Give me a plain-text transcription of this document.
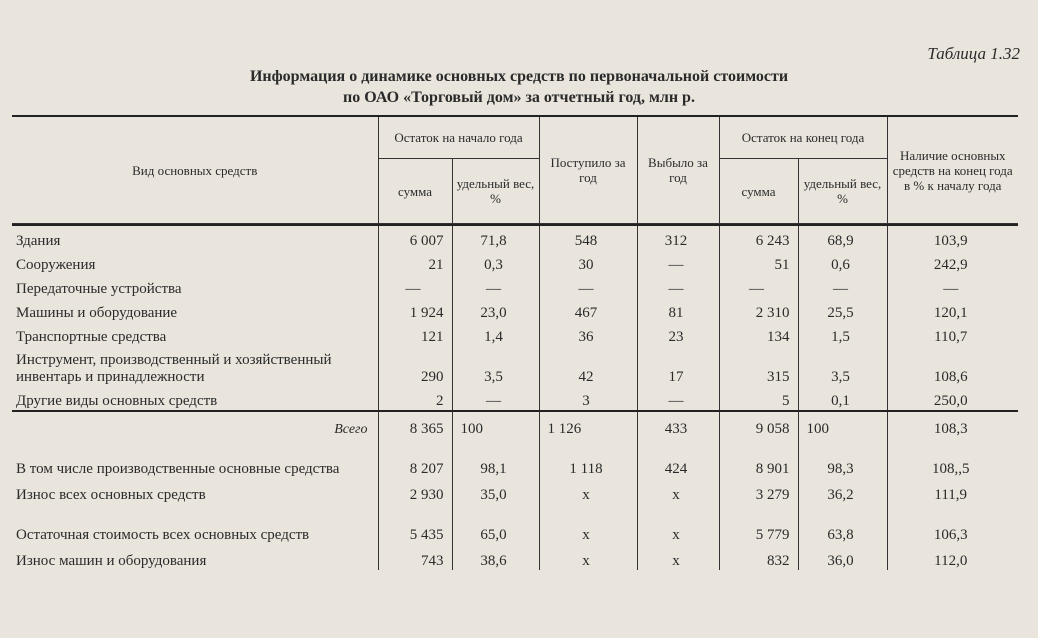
Таблица 1.32
Информация о динамике основных средств по первоначальной стоимости
по ОАО «Торговый дом» за отчетный год, млн р.
Вид основных средств	Остаток на начало года		Поступило за год	Выбыло за год	Остаток на конец года		Наличие основных средств на конец года в % к началу года
	сумма	удельный вес, %			сумма	удельный вес, %	

Здания	6 007	71,8	548	312	6 243	68,9	103,9
Сооружения	21	0,3	30	—	51	0,6	242,9
Передаточные устройства	—	—	—	—	—	—	—
Машины и оборудование	1 924	23,0	467	81	2 310	25,5	120,1
Транспортные средства	121	1,4	36	23	134	1,5	110,7
Инструмент, производственный и хозяйственный инвентарь и принадлежности	290	3,5	42	17	315	3,5	108,6
Другие виды основных средств	2	—	3	—	5	0,1	250,0
Всего	8 365	100	1 126	433	9 058	100	108,3
В том числе производственные основные средства	8 207	98,1	1 118	424	8 901	98,3	108,,5
Износ всех основных средств	2 930	35,0	x	x	3 279	36,2	111,9
Остаточная стоимость всех основных средств	5 435	65,0	x	x	5 779	63,8	106,3
Износ машин и оборудования	743	38,6	x	x	832	36,0	112,0
